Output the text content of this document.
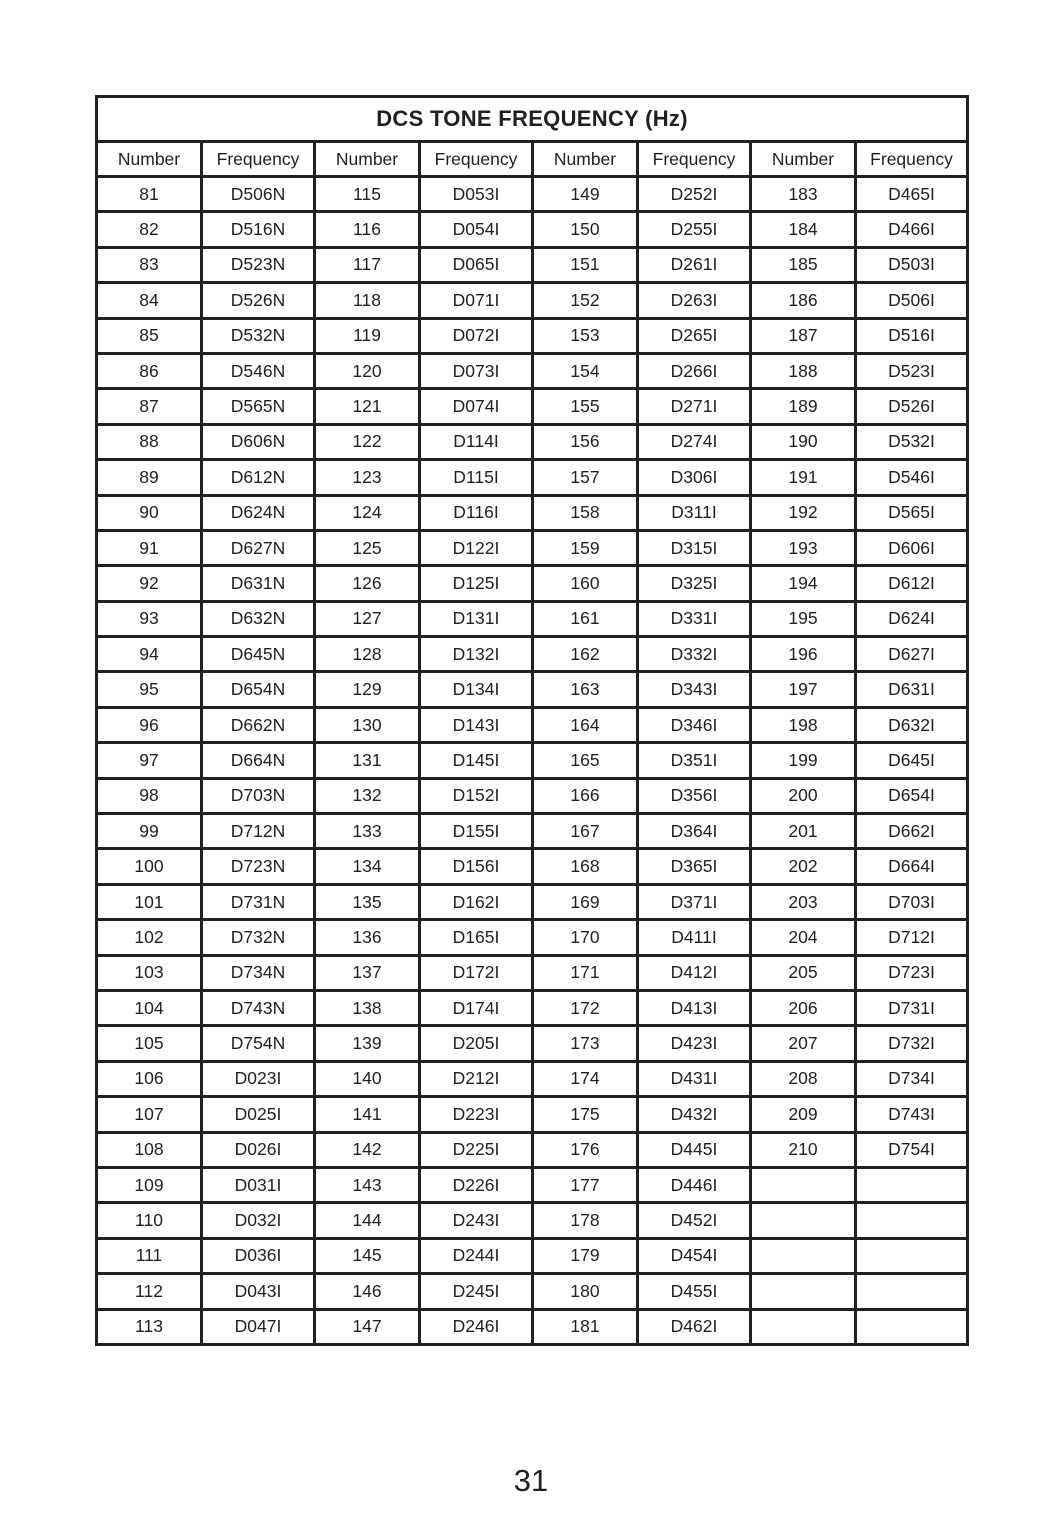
DCS TONE FREQUENCY (Hz)							
Number	Frequency	Number	Frequency	Number	Frequency	Number	Frequency
81	D506N	115	D053I	149	D252I	183	D465I
82	D516N	116	D054I	150	D255I	184	D466I
83	D523N	117	D065I	151	D261I	185	D503I
84	D526N	118	D071I	152	D263I	186	D506I
85	D532N	119	D072I	153	D265I	187	D516I
86	D546N	120	D073I	154	D266I	188	D523I
87	D565N	121	D074I	155	D271I	189	D526I
88	D606N	122	D114I	156	D274I	190	D532I
89	D612N	123	D115I	157	D306I	191	D546I
90	D624N	124	D116I	158	D311I	192	D565I
91	D627N	125	D122I	159	D315I	193	D606I
92	D631N	126	D125I	160	D325I	194	D612I
93	D632N	127	D131I	161	D331I	195	D624I
94	D645N	128	D132I	162	D332I	196	D627I
95	D654N	129	D134I	163	D343I	197	D631I
96	D662N	130	D143I	164	D346I	198	D632I
97	D664N	131	D145I	165	D351I	199	D645I
98	D703N	132	D152I	166	D356I	200	D654I
99	D712N	133	D155I	167	D364I	201	D662I
100	D723N	134	D156I	168	D365I	202	D664I
101	D731N	135	D162I	169	D371I	203	D703I
102	D732N	136	D165I	170	D411I	204	D712I
103	D734N	137	D172I	171	D412I	205	D723I
104	D743N	138	D174I	172	D413I	206	D731I
105	D754N	139	D205I	173	D423I	207	D732I
106	D023I	140	D212I	174	D431I	208	D734I
107	D025I	141	D223I	175	D432I	209	D743I
108	D026I	142	D225I	176	D445I	210	D754I
109	D031I	143	D226I	177	D446I		
110	D032I	144	D243I	178	D452I		
111	D036I	145	D244I	179	D454I		
112	D043I	146	D245I	180	D455I		
113	D047I	147	D246I	181	D462I		
31
